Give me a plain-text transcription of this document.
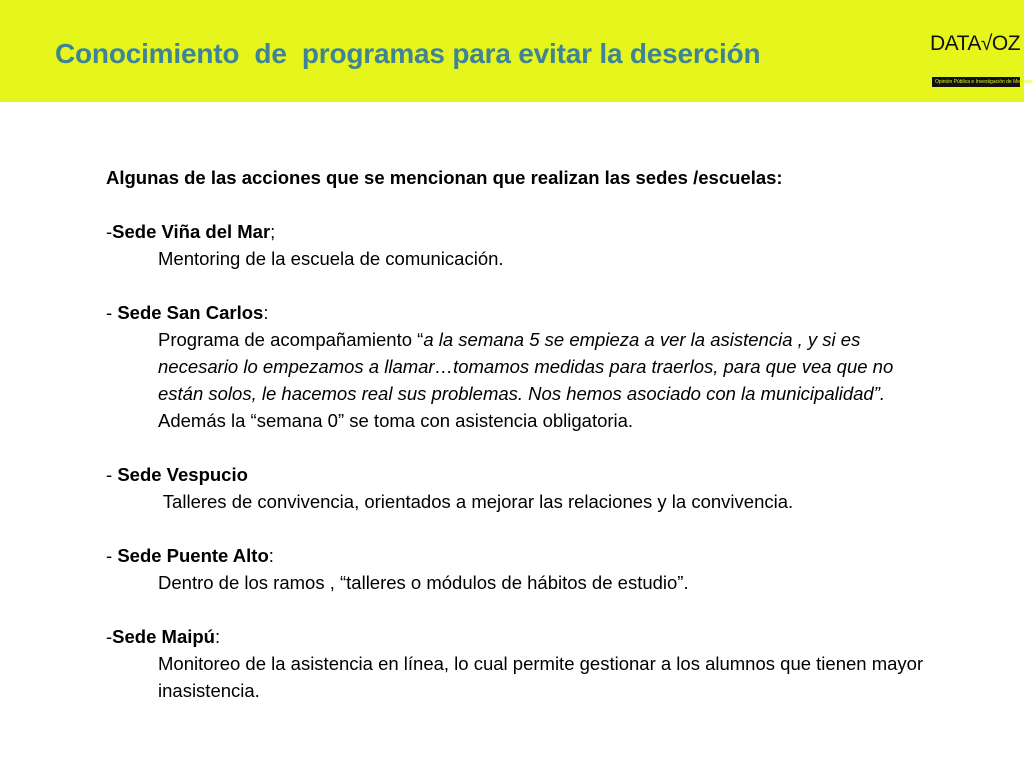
Conocimiento  de  programas para evitar la deserción	DATA√OZ
Opinión Pública e Investigación de Mercado
Algunas de las acciones que se mencionan que realizan las sedes /escuelas:
-Sede Viña del Mar;
Mentoring de la escuela de comunicación.
- Sede San Carlos:
Programa de acompañamiento “a la semana 5 se empieza a ver la asistencia , y si es necesario lo empezamos a llamar…tomamos medidas para traerlos, para que vea que no están solos, le hacemos real sus problemas. Nos hemos asociado con la municipalidad”. Además la “semana 0” se toma con asistencia obligatoria.
- Sede Vespucio
Talleres de convivencia, orientados a mejorar las relaciones y la convivencia.
- Sede Puente Alto:
Dentro de los ramos , “talleres o módulos de hábitos de estudio”.
-Sede Maipú:
Monitoreo de la asistencia en línea, lo cual permite gestionar a los alumnos que tienen mayor inasistencia.
